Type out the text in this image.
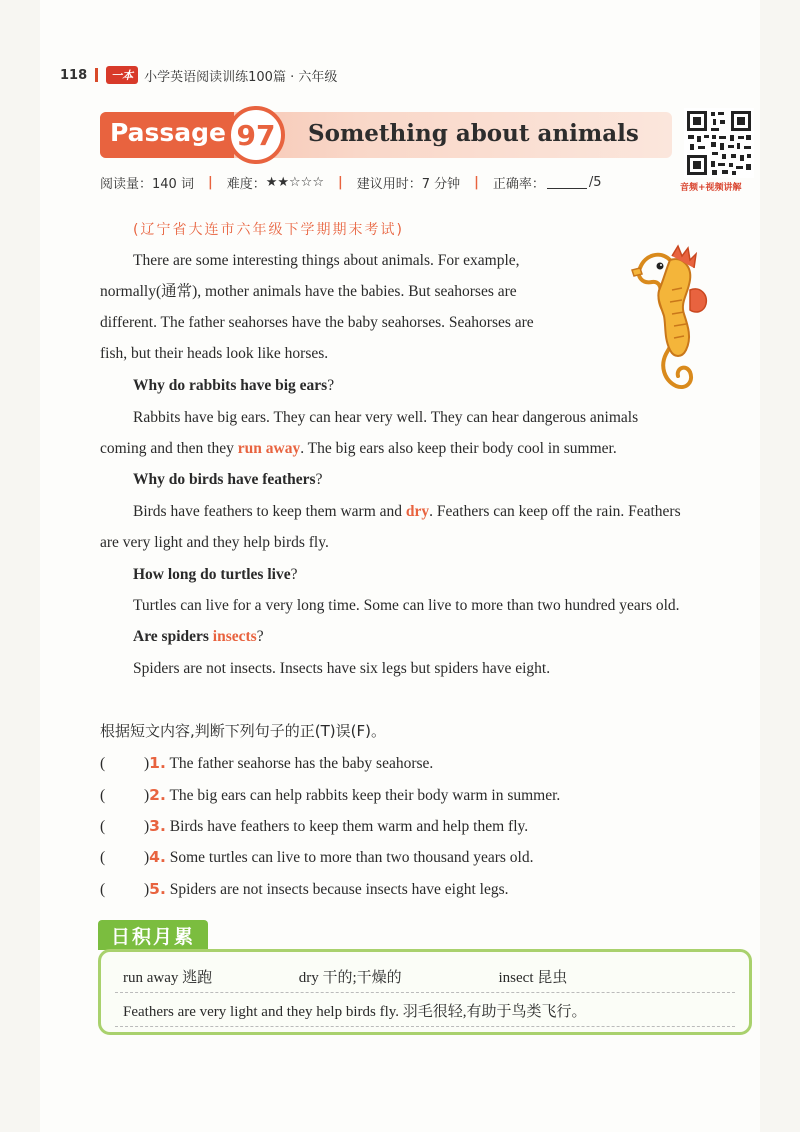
118	一本 小学英语阅读训练100篇 · 六年级
Passage 97 Something about animals
音频+视频讲解
阅读量：140 词 | 难度： ★★☆☆☆ | 建议用时：7 分钟 | 正确率：	/5
(辽宁省大连市六年级下学期期末考试)
There are some interesting things about animals. For example,
normally(通常), mother animals have the babies. But seahorses are
different. The father seahorses have the baby seahorses. Seahorses are
fish, but their heads look like horses.
Why do rabbits have big ears?
Rabbits have big ears. They can hear very well. They can hear dangerous animals
coming and then they run away. The big ears also keep their body cool in summer.
Why do birds have feathers?
Birds have feathers to keep them warm and dry. Feathers can keep off the rain. Feathers
are very light and they help birds fly.
How long do turtles live?
Turtles can live for a very long time. Some can live to more than two hundred years old.
Are spiders insects?
Spiders are not insects. Insects have six legs but spiders have eight.
根据短文内容,判断下列句子的正(T)误(F)。
(	)1. The father seahorse has the baby seahorse.
(	)2. The big ears can help rabbits keep their body warm in summer.
(	)3. Birds have feathers to keep them warm and help them fly.
(	)4. Some turtles can live to more than two thousand years old.
(	)5. Spiders are not insects because insects have eight legs.
日积月累
run away 逃跑	dry 干的;干燥的	insect 昆虫
Feathers are very light and they help birds fly. 羽毛很轻,有助于鸟类飞行。
